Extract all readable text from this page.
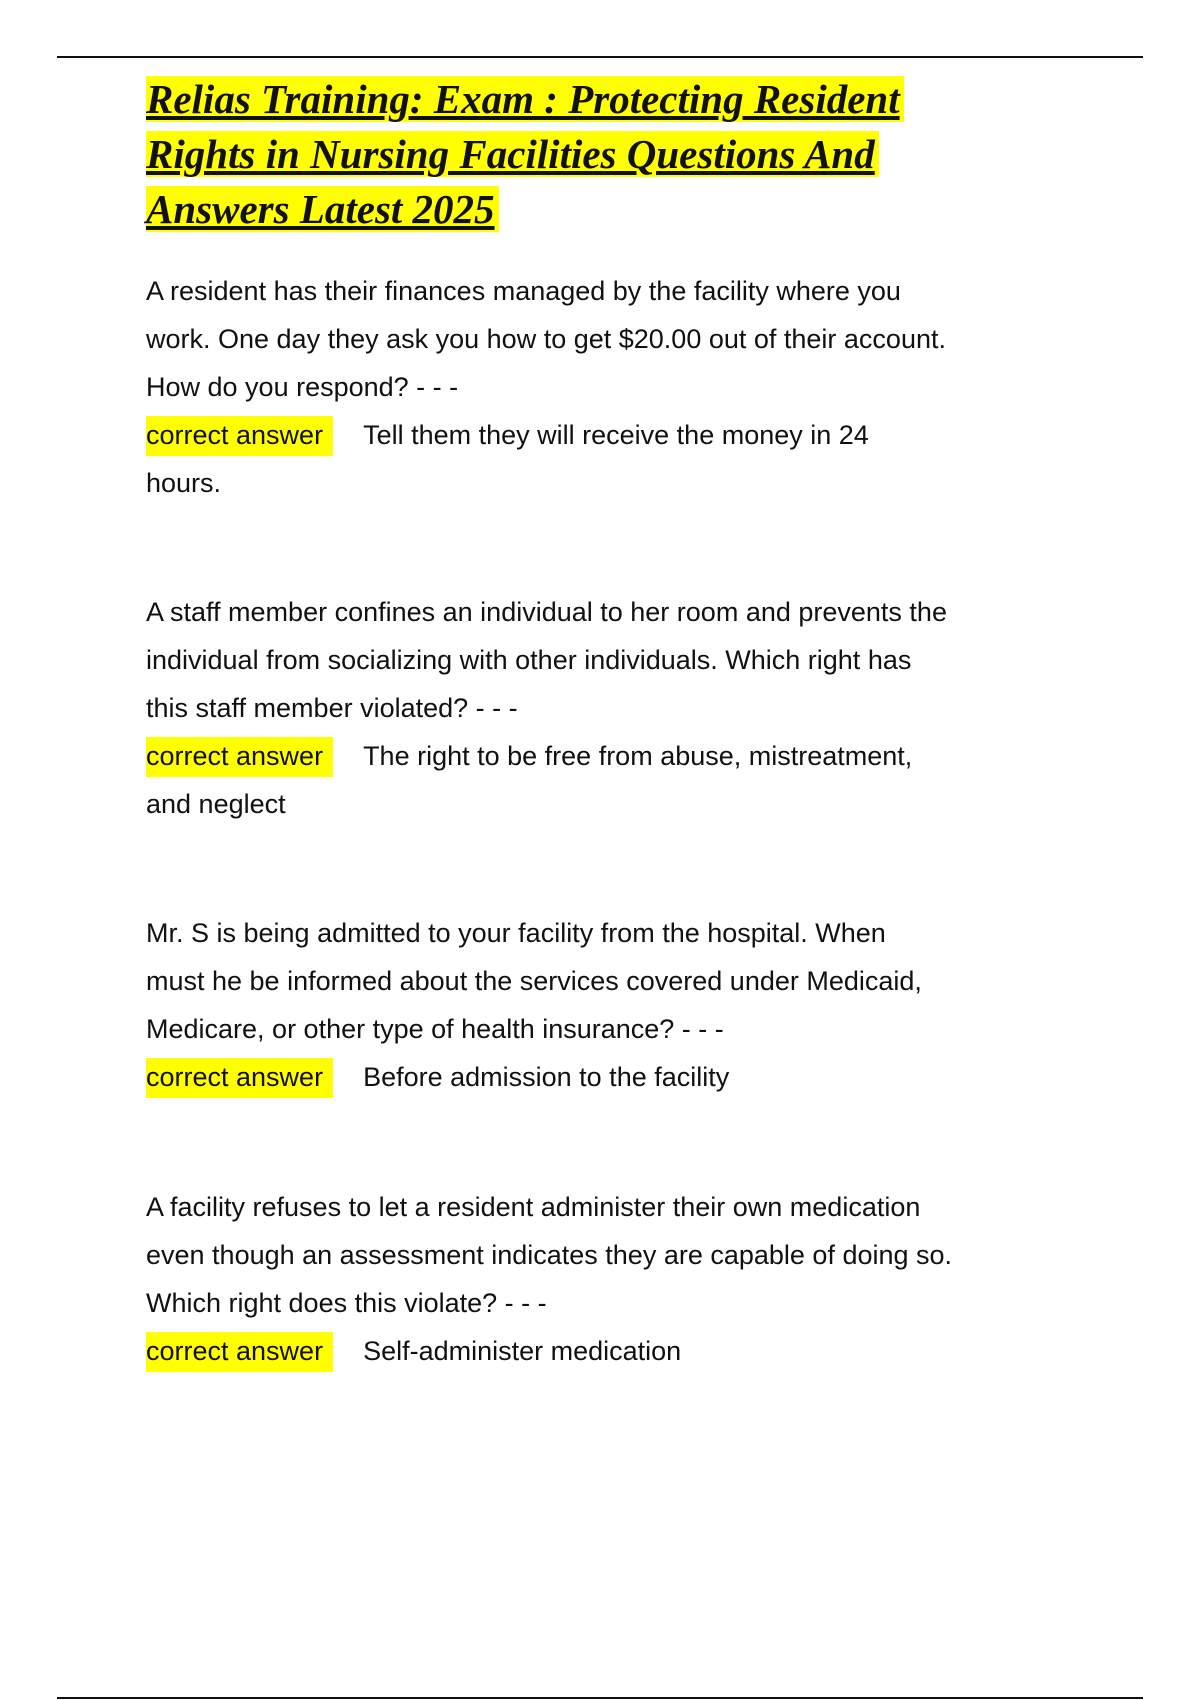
Relias Training: Exam : Protecting Resident
Rights in Nursing Facilities Questions And
Answers Latest 2025
A resident has their finances managed by the facility where you
work. One day they ask you how to get $20.00 out of their account.
How do you respond? - - -
correct answer Tell them they will receive the money in 24
hours.
A staff member confines an individual to her room and prevents the
individual from socializing with other individuals. Which right has
this staff member violated? - - -
correct answer The right to be free from abuse, mistreatment,
and neglect
Mr. S is being admitted to your facility from the hospital. When
must he be informed about the services covered under Medicaid,
Medicare, or other type of health insurance? - - -
correct answer Before admission to the facility
A facility refuses to let a resident administer their own medication
even though an assessment indicates they are capable of doing so.
Which right does this violate? - - -
correct answer Self-administer medication
